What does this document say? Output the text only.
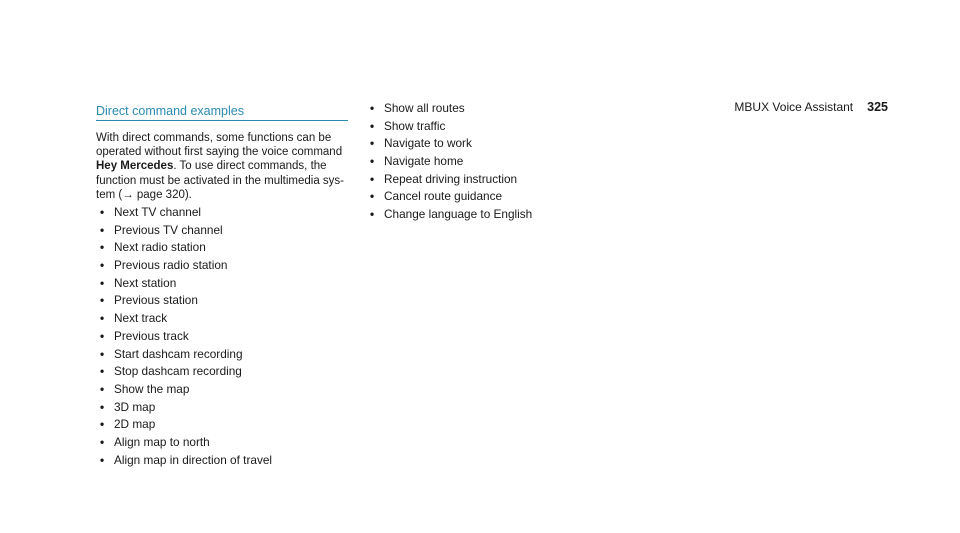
MBUX Voice Assistant 325
Direct command examples

With direct commands, some functions can be operated without first saying the voice command Hey Mercedes. To use direct commands, the function must be activated in the multimedia sys-tem (→ page 320).

• Next TV channel
• Previous TV channel
• Next radio station
• Previous radio station
• Next station
• Previous station
• Next track
• Previous track
• Start dashcam recording
• Stop dashcam recording
• Show the map
• 3D map
• 2D map
• Align map to north
• Align map in direction of travel
• Show all routes
• Show traffic
• Navigate to work
• Navigate home
• Repeat driving instruction
• Cancel route guidance
• Change language to English
